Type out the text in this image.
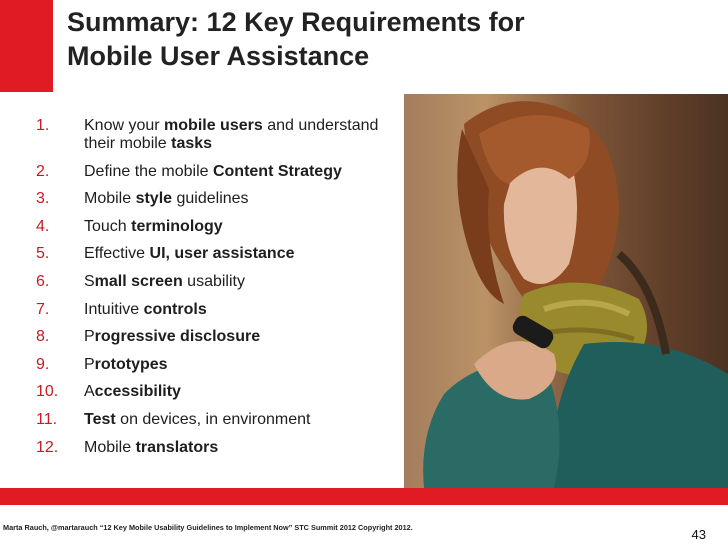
Summary: 12 Key Requirements for
Mobile User Assistance
1.	Know your mobile users and understand their mobile tasks
2.	Define the mobile Content Strategy
3.	Mobile style guidelines
4.	Touch terminology
5.	Effective UI, user assistance
6.	Small screen usability
7.	Intuitive controls
8.	Progressive disclosure
9.	Prototypes
10.	Accessibility
11.	Test on devices, in environment
12.	Mobile translators
Marta Rauch, @martarauch “12 Key Mobile Usability Guidelines to Implement Now” STC Summit 2012 Copyright 2012.	43
